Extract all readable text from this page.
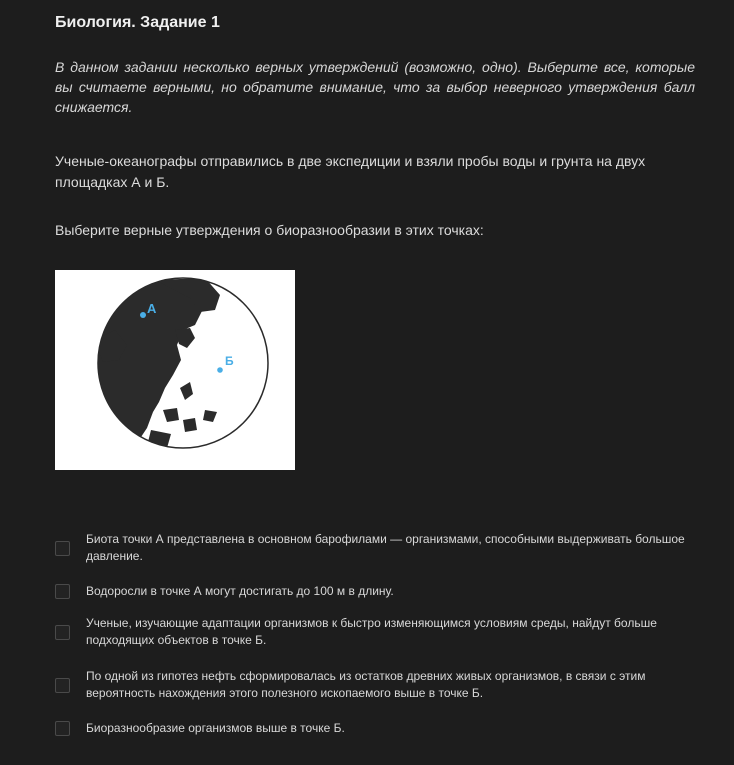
Биология. Задание 1
В данном задании несколько верных утверждений (возможно, одно). Выберите все, которые вы считаете верными, но обратите внимание, что за выбор неверного утверждения балл снижается.
Ученые-океанографы отправились в две экспедиции и взяли пробы воды и грунта на двух площадках А и Б.
Выберите верные утверждения о биоразнообразии в этих точках:
А
Б
Биота точки А представлена в основном барофилами — организмами, способными выдерживать большое давление.
Водоросли в точке А могут достигать до 100 м в длину.
Ученые, изучающие адаптации организмов к быстро изменяющимся условиям среды, найдут больше подходящих объектов в точке Б.
По одной из гипотез нефть сформировалась из остатков древних живых организмов, в связи с этим вероятность нахождения этого полезного ископаемого выше в точке Б.
Биоразнообразие организмов выше в точке Б.
